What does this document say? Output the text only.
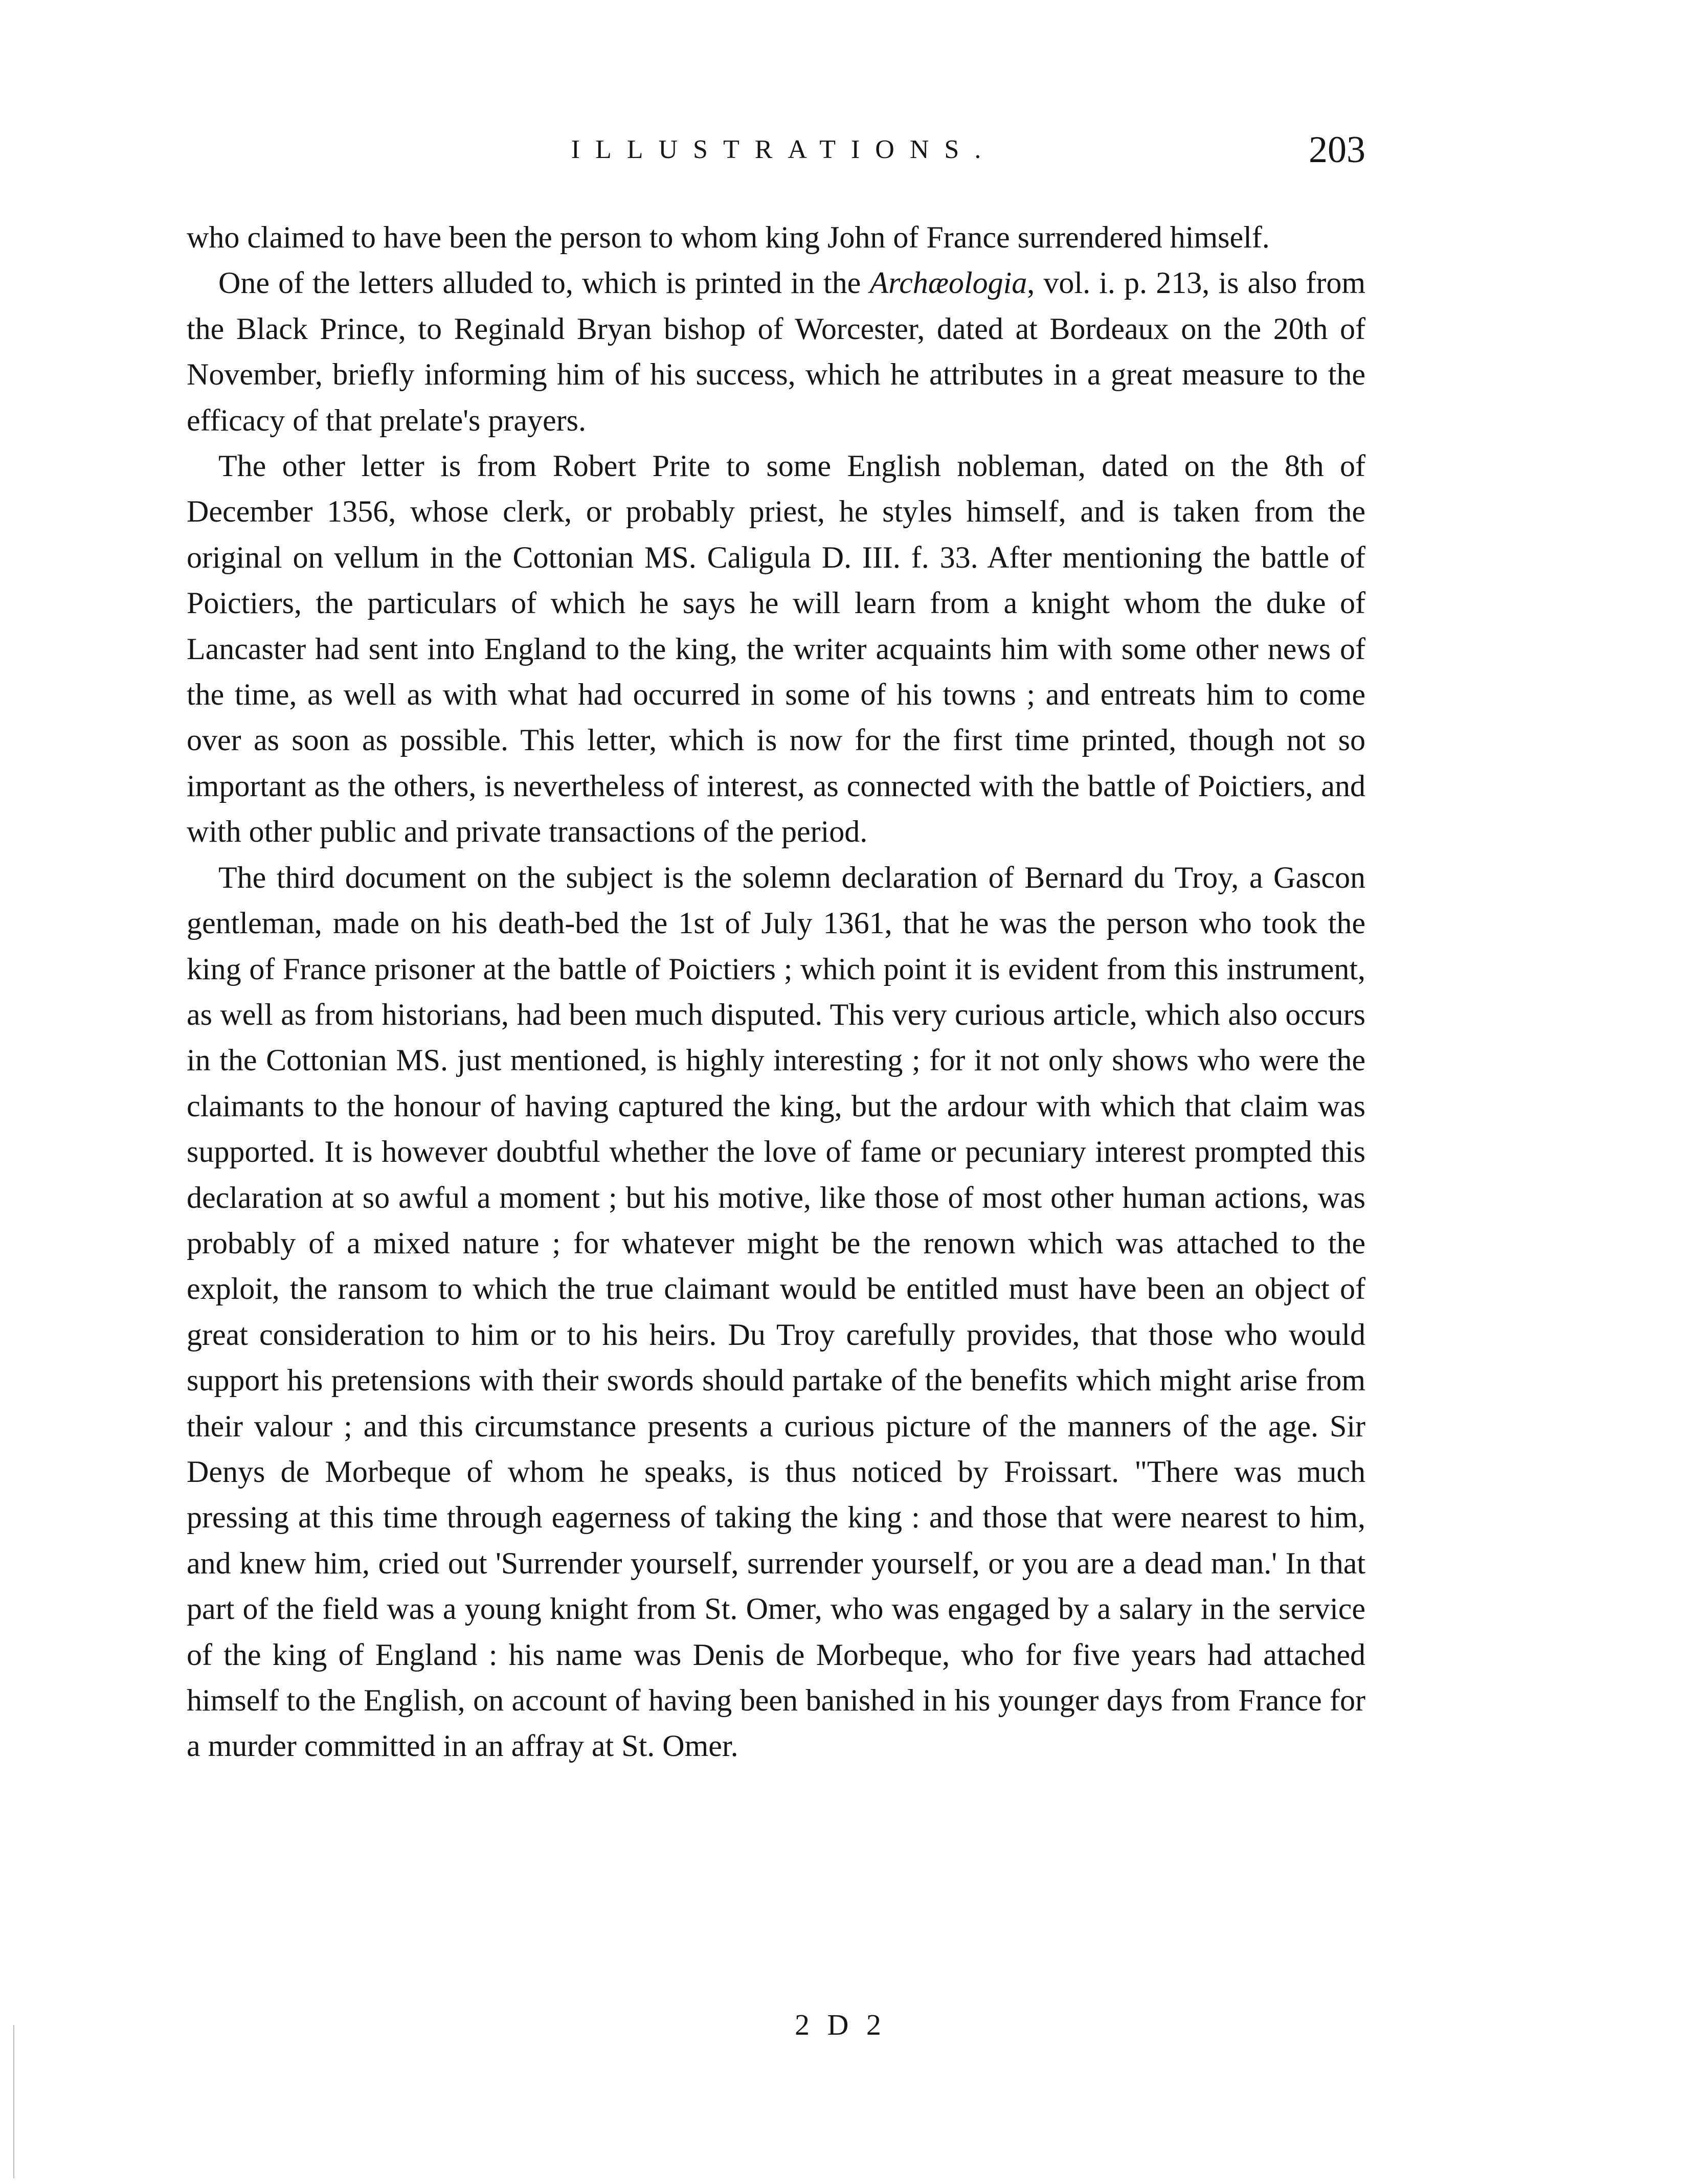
ILLUSTRATIONS.	203

who claimed to have been the person to whom king John of France surrendered himself.

One of the letters alluded to, which is printed in the Archæologia, vol. i. p. 213, is also from the Black Prince, to Reginald Bryan bishop of Worcester, dated at Bordeaux on the 20th of November, briefly informing him of his success, which he attributes in a great measure to the efficacy of that prelate's prayers.

The other letter is from Robert Prite to some English nobleman, dated on the 8th of December 1356, whose clerk, or probably priest, he styles himself, and is taken from the original on vellum in the Cottonian MS. Caligula D. III. f. 33. After mentioning the battle of Poictiers, the particulars of which he says he will learn from a knight whom the duke of Lancaster had sent into England to the king, the writer acquaints him with some other news of the time, as well as with what had occurred in some of his towns ; and entreats him to come over as soon as possible. This letter, which is now for the first time printed, though not so important as the others, is nevertheless of interest, as connected with the battle of Poictiers, and with other public and private transactions of the period.

The third document on the subject is the solemn declaration of Bernard du Troy, a Gascon gentleman, made on his death-bed the 1st of July 1361, that he was the person who took the king of France prisoner at the battle of Poictiers ; which point it is evident from this instrument, as well as from historians, had been much disputed. This very curious article, which also occurs in the Cottonian MS. just mentioned, is highly interesting ; for it not only shows who were the claimants to the honour of having captured the king, but the ardour with which that claim was supported. It is however doubtful whether the love of fame or pecuniary interest prompted this declaration at so awful a moment ; but his motive, like those of most other human actions, was probably of a mixed nature ; for whatever might be the renown which was attached to the exploit, the ransom to which the true claimant would be entitled must have been an object of great consideration to him or to his heirs. Du Troy carefully provides, that those who would support his pretensions with their swords should partake of the benefits which might arise from their valour ; and this circumstance presents a curious picture of the manners of the age. Sir Denys de Morbeque of whom he speaks, is thus noticed by Froissart. "There was much pressing at this time through eagerness of taking the king : and those that were nearest to him, and knew him, cried out 'Surrender yourself, surrender yourself, or you are a dead man.' In that part of the field was a young knight from St. Omer, who was engaged by a salary in the service of the king of England : his name was Denis de Morbeque, who for five years had attached himself to the English, on account of having been banished in his younger days from France for a murder committed in an affray at St. Omer.

2 D 2
